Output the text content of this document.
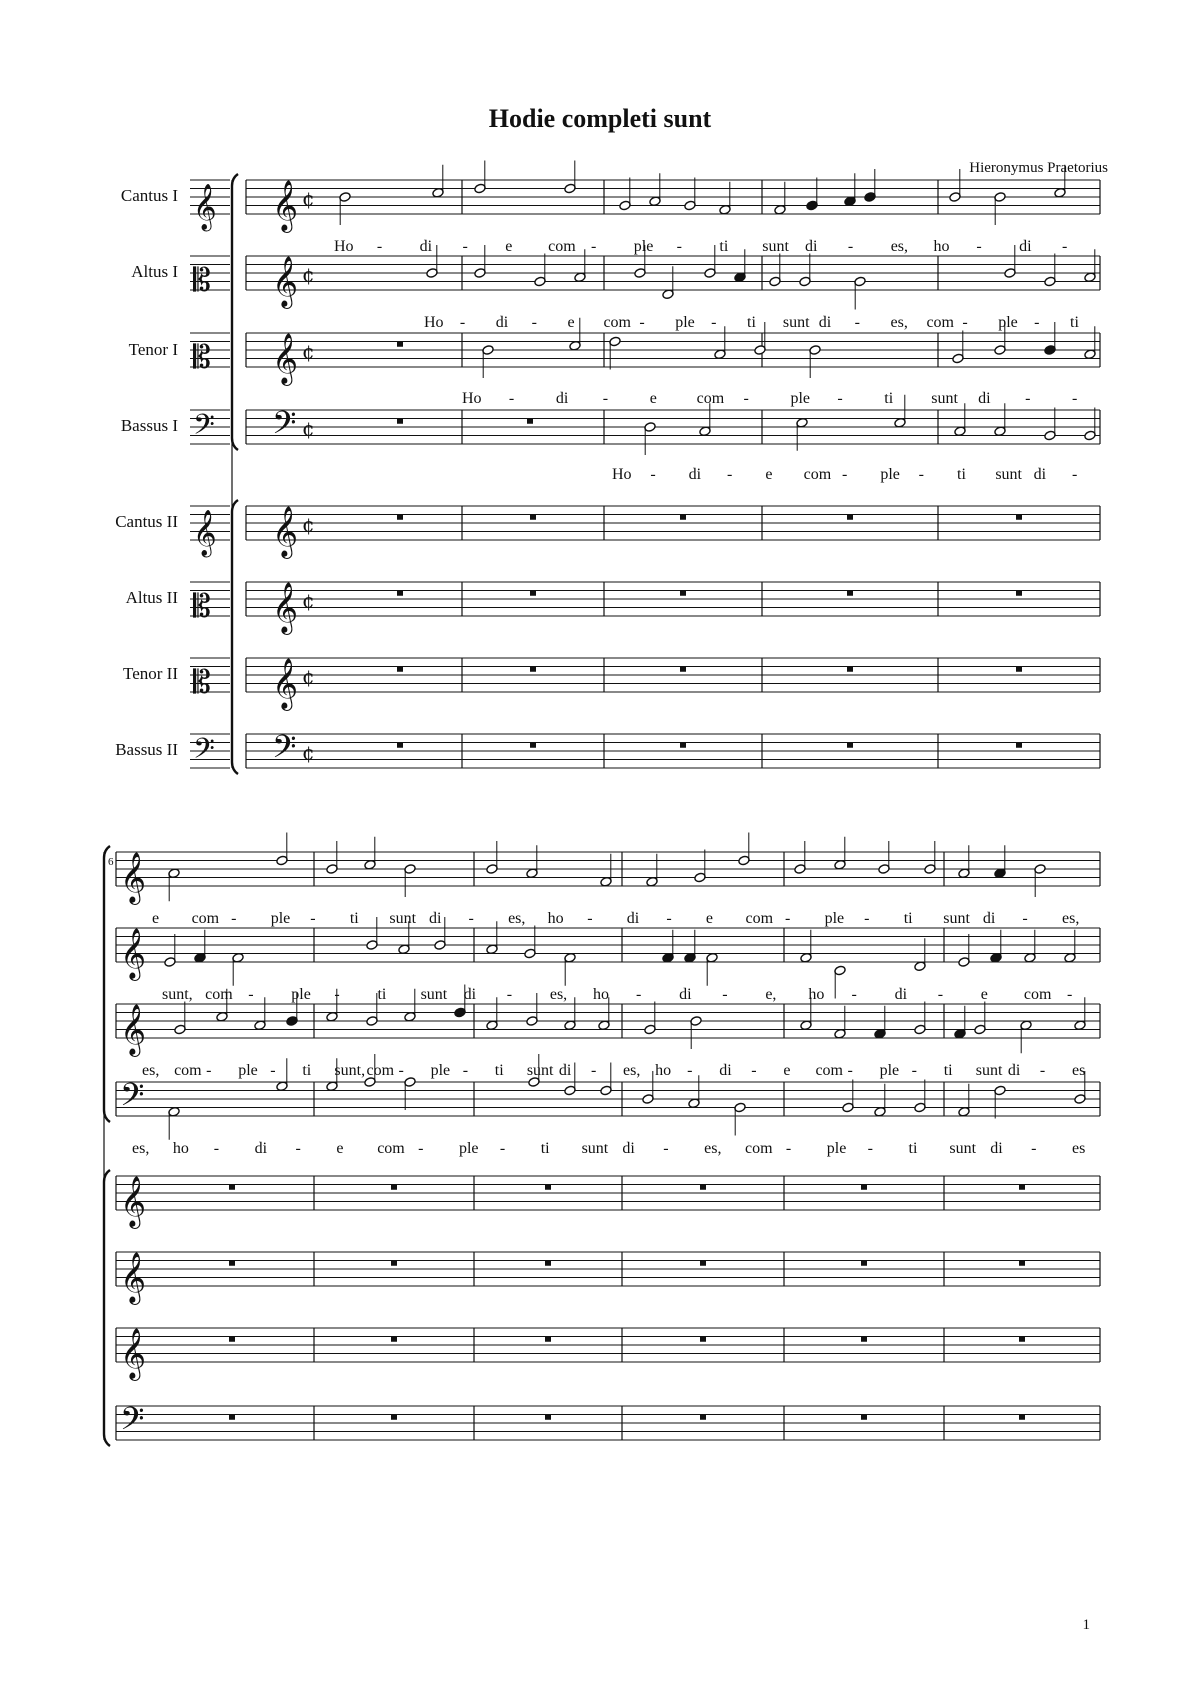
Hodie completi sunt
Hieronymus Praetorius
Cantus I
Altus I
Tenor I
Bassus I
Cantus II
Altus II
Tenor II
Bassus II
6
1
𝄞
𝄡
𝄡
𝄢
𝄞
𝄡
𝄡
𝄢
𝄞 ¢
𝄞 ¢
𝄞 ¢
𝄢 ¢
𝄞 ¢
𝄞 ¢
𝄞 ¢
𝄢 ¢
𝄞
𝄞
𝄞
𝄢
𝄞
𝄞
𝄞
𝄢
Ho - di - e com - ple - ti sunt di - es, ho - di -
Ho - di - e com - ple - ti sunt di - es, com - ple - ti
Ho -	di -	e com -	ple -	ti sunt di -	-
Ho - di - e com - ple - ti sunt di -
e com - ple - ti sunt di - es, ho - di - e com - ple - ti sunt di - es,
sunt, com - ple - ti sunt di - es, ho - di - e, ho - di - e com -
es, com - ple - ti sunt, com - ple - ti sunt di - es, ho - di - e com - ple - ti sunt di - es
es, ho - di - e com - ple - ti sunt di - es, com - ple - ti sunt di - es
